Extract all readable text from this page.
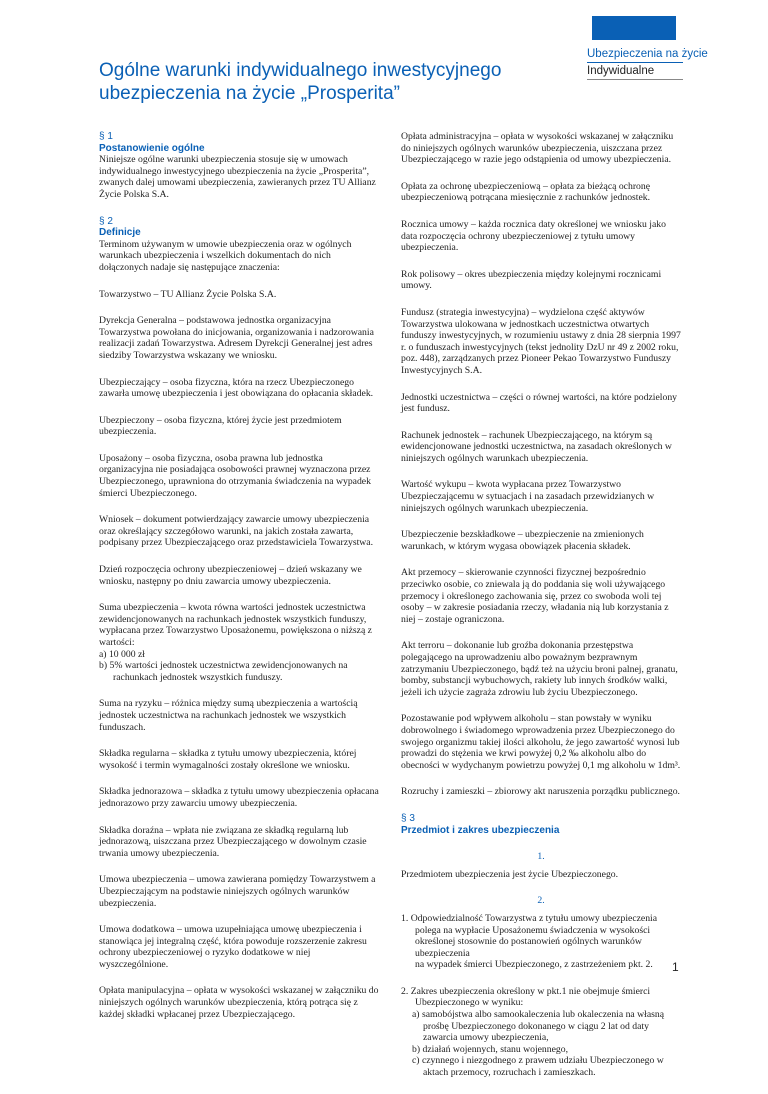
Ubezpieczenia na życie
Indywidualne
Ogólne warunki indywidualnego inwestycyjnego ubezpieczenia na życie „Prosperita”

§ 1
Postanowienie ogólne
Niniejsze ogólne warunki ubezpieczenia stosuje się w umowach indywidualnego inwestycyjnego ubezpieczenia na życie „Prosperita”, zwanych dalej umowami ubezpieczenia, zawieranych przez TU Allianz Życie Polska S.A.

§ 2
Definicje
Terminom używanym w umowie ubezpieczenia oraz w ogólnych warunkach ubezpieczenia i wszelkich dokumentach do nich dołączonych nadaje się następujące znaczenia:

Towarzystwo – TU Allianz Życie Polska S.A.

Dyrekcja Generalna – podstawowa jednostka organizacyjna Towarzystwa powołana do inicjowania, organizowania i nadzorowania realizacji zadań Towarzystwa. Adresem Dyrekcji Generalnej jest adres siedziby Towarzystwa wskazany we wniosku.

Ubezpieczający – osoba fizyczna, która na rzecz Ubezpieczonego zawarła umowę ubezpieczenia i jest obowiązana do opłacania składek.

Ubezpieczony – osoba fizyczna, której życie jest przedmiotem ubezpieczenia.

Uposażony – osoba fizyczna, osoba prawna lub jednostka organizacyjna nie posiadająca osobowości prawnej wyznaczona przez Ubezpieczonego, uprawniona do otrzymania świadczenia na wypadek śmierci Ubezpieczonego.

Wniosek – dokument potwierdzający zawarcie umowy ubezpieczenia oraz określający szczegółowo warunki, na jakich została zawarta, podpisany przez Ubezpieczającego oraz przedstawiciela Towarzystwa.

Dzień rozpoczęcia ochrony ubezpieczeniowej – dzień wskazany we wniosku, następny po dniu zawarcia umowy ubezpieczenia.

Suma ubezpieczenia – kwota równa wartości jednostek uczestnictwa zewidencjonowanych na rachunkach jednostek wszystkich funduszy, wypłacana przez Towarzystwo Uposażonemu, powiększona o niższą z wartości:
a) 10 000 zł
b) 5% wartości jednostek uczestnictwa zewidencjonowanych na rachunkach jednostek wszystkich funduszy.

Suma na ryzyku – różnica między sumą ubezpieczenia a wartością jednostek uczestnictwa na rachunkach jednostek we wszystkich funduszach.

Składka regularna – składka z tytułu umowy ubezpieczenia, której wysokość i termin wymagalności zostały określone we wniosku.

Składka jednorazowa – składka z tytułu umowy ubezpieczenia opłacana jednorazowo przy zawarciu umowy ubezpieczenia.

Składka doraźna – wpłata nie związana ze składką regularną lub jednorazową, uiszczana przez Ubezpieczającego w dowolnym czasie trwania umowy ubezpieczenia.

Umowa ubezpieczenia – umowa zawierana pomiędzy Towarzystwem a Ubezpieczającym na podstawie niniejszych ogólnych warunków ubezpieczenia.

Umowa dodatkowa – umowa uzupełniająca umowę ubezpieczenia i stanowiąca jej integralną część, która powoduje rozszerzenie zakresu ochrony ubezpieczeniowej o ryzyko dodatkowe w niej wyszczególnione.

Opłata manipulacyjna – opłata w wysokości wskazanej w załączniku do niniejszych ogólnych warunków ubezpieczenia, którą potrąca się z każdej składki wpłacanej przez Ubezpieczającego.

Opłata administracyjna – opłata w wysokości wskazanej w załączniku do niniejszych ogólnych warunków ubezpieczenia, uiszczana przez Ubezpieczającego w razie jego odstąpienia od umowy ubezpieczenia.

Opłata za ochronę ubezpieczeniową – opłata za bieżącą ochronę ubezpieczeniową potrącana miesięcznie z rachunków jednostek.

Rocznica umowy – każda rocznica daty określonej we wniosku jako data rozpoczęcia ochrony ubezpieczeniowej z tytułu umowy ubezpieczenia.

Rok polisowy – okres ubezpieczenia między kolejnymi rocznicami umowy.

Fundusz (strategia inwestycyjna) – wydzielona część aktywów Towarzystwa ulokowana w jednostkach uczestnictwa otwartych funduszy inwestycyjnych, w rozumieniu ustawy z dnia 28 sierpnia 1997 r. o funduszach inwestycyjnych (tekst jednolity DzU nr 49 z 2002 roku, poz. 448), zarządzanych przez Pioneer Pekao Towarzystwo Funduszy Inwestycyjnych S.A.

Jednostki uczestnictwa – części o równej wartości, na które podzielony jest fundusz.

Rachunek jednostek – rachunek Ubezpieczającego, na którym są ewidencjonowane jednostki uczestnictwa, na zasadach określonych w niniejszych ogólnych warunkach ubezpieczenia.

Wartość wykupu – kwota wypłacana przez Towarzystwo Ubezpieczającemu w sytuacjach i na zasadach przewidzianych w niniejszych ogólnych warunkach ubezpieczenia.

Ubezpieczenie bezskładkowe – ubezpieczenie na zmienionych warunkach, w którym wygasa obowiązek płacenia składek.

Akt przemocy – skierowanie czynności fizycznej bezpośrednio przeciwko osobie, co zniewala ją do poddania się woli używającego przemocy i określonego zachowania się, przez co swoboda woli tej osoby – w zakresie posiadania rzeczy, władania nią lub korzystania z niej – zostaje ograniczona.

Akt terroru – dokonanie lub groźba dokonania przestępstwa polegającego na uprowadzeniu albo poważnym bezprawnym zatrzymaniu Ubezpieczonego, bądź też na użyciu broni palnej, granatu, bomby, substancji wybuchowych, rakiety lub innych środków walki, jeżeli ich użycie zagraża zdrowiu lub życiu Ubezpieczonego.

Pozostawanie pod wpływem alkoholu – stan powstały w wyniku dobrowolnego i świadomego wprowadzenia przez Ubezpieczonego do swojego organizmu takiej ilości alkoholu, że jego zawartość wynosi lub prowadzi do stężenia we krwi powyżej 0,2 ‰ alkoholu albo do obecności w wydychanym powietrzu powyżej 0,1 mg alkoholu w 1dm³.

Rozruchy i zamieszki – zbiorowy akt naruszenia porządku publicznego.

§ 3
Przedmiot i zakres ubezpieczenia

1.

Przedmiotem ubezpieczenia jest życie Ubezpieczonego.

2.
1. Odpowiedzialność Towarzystwa z tytułu umowy ubezpieczenia polega na wypłacie Uposażonemu świadczenia w wysokości określonej stosownie do postanowień ogólnych warunków ubezpieczenia
na wypadek śmierci Ubezpieczonego, z zastrzeżeniem pkt. 2.
2. Zakres ubezpieczenia określony w pkt.1 nie obejmuje śmierci Ubezpieczonego w wyniku:
a) samobójstwa albo samookaleczenia lub okaleczenia na własną prośbę Ubezpieczonego dokonanego w ciągu 2 lat od daty zawarcia umowy ubezpieczenia,
b) działań wojennych, stanu wojennego,
c) czynnego i niezgodnego z prawem udziału Ubezpieczonego w aktach przemocy, rozruchach i zamieszkach.
1
